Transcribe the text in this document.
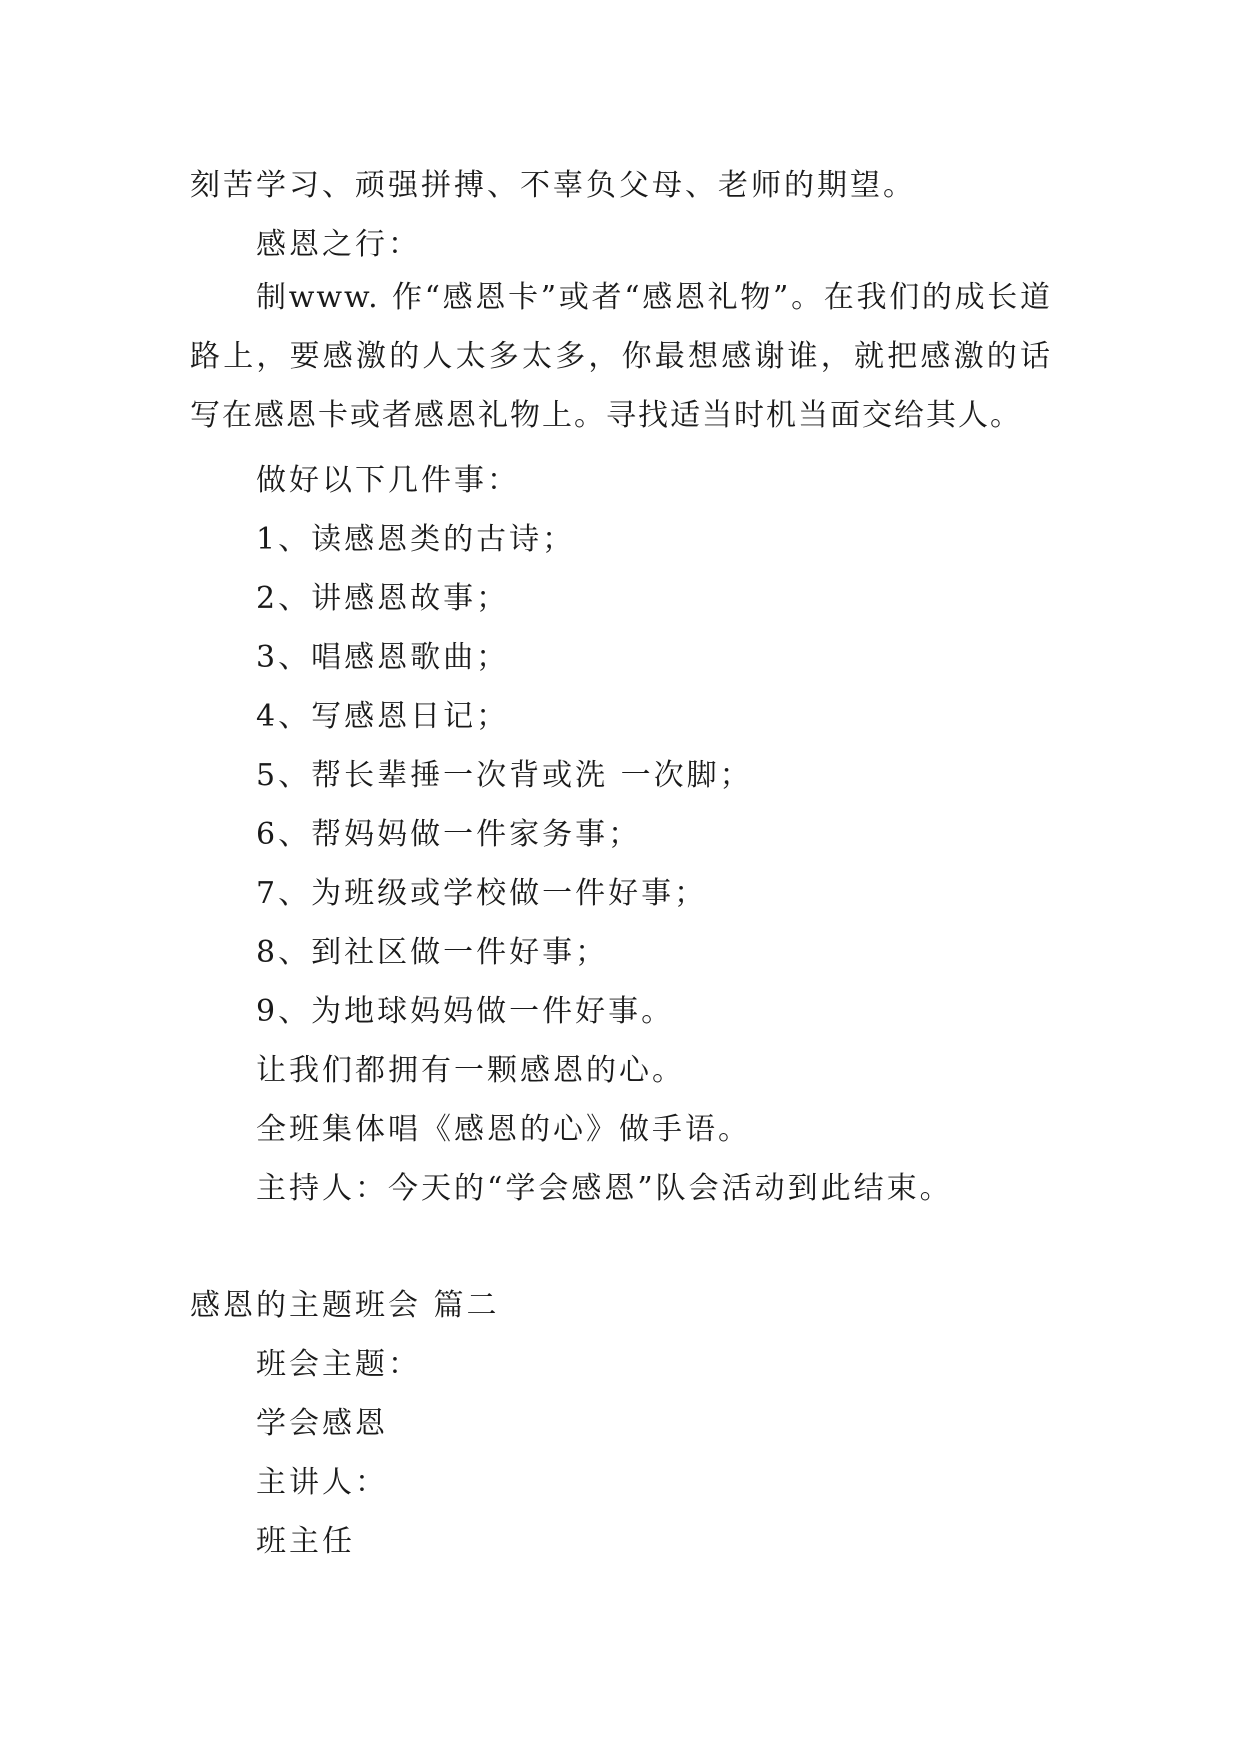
刻苦学习、顽强拼搏、不辜负父母、老师的期望。
感恩之行：
制www. 作“感恩卡”或者“感恩礼物”。在我们的成长道路上，要感激的人太多太多，你最想感谢谁，就把感激的话写在感恩卡或者感恩礼物上。寻找适当时机当面交给其人。
做好以下几件事：
1、读感恩类的古诗；
2、讲感恩故事；
3、唱感恩歌曲；
4、写感恩日记；
5、帮长辈捶一次背或洗 一次脚；
6、帮妈妈做一件家务事；
7、为班级或学校做一件好事；
8、到社区做一件好事；
9、为地球妈妈做一件好事。
让我们都拥有一颗感恩的心。
全班集体唱《感恩的心》做手语。
主持人：今天的“学会感恩”队会活动到此结束。
感恩的主题班会 篇二
班会主题：
学会感恩
主讲人：
班主任
